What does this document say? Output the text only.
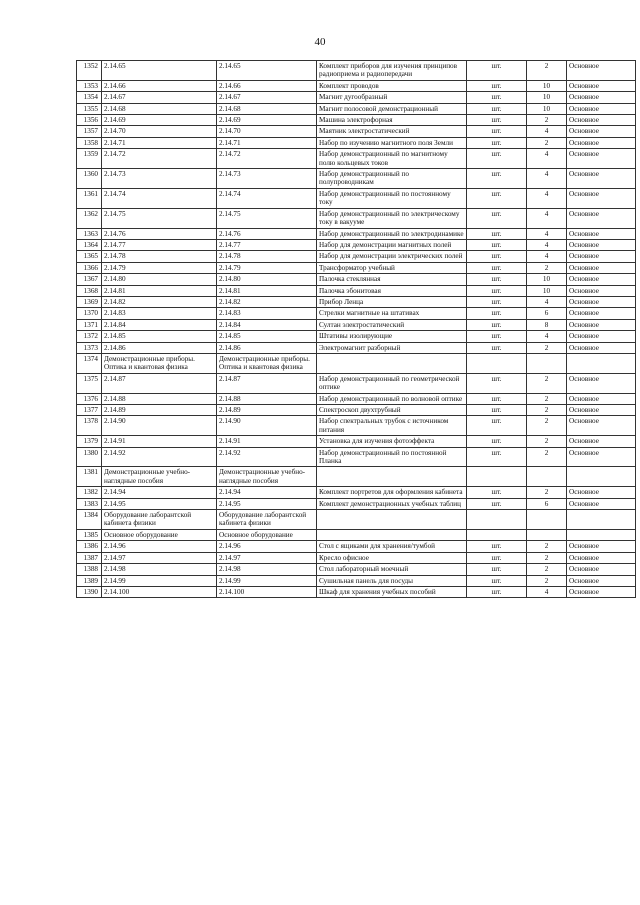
40
1352	2.14.65	2.14.65	Комплект приборов для изучения принципов радиоприема и радиопередачи	шт.	2	Основное
1353	2.14.66	2.14.66	Комплект проводов	шт.	10	Основное
1354	2.14.67	2.14.67	Магнит дугообразный	шт.	10	Основное
1355	2.14.68	2.14.68	Магнит полосовой демонстрационный	шт.	10	Основное
1356	2.14.69	2.14.69	Машина электрофорная	шт.	2	Основное
1357	2.14.70	2.14.70	Маятник электростатический	шт.	4	Основное
1358	2.14.71	2.14.71	Набор по изучению магнитного поля Земли	шт.	2	Основное
1359	2.14.72	2.14.72	Набор демонстрационный по магнитному полю кольцевых токов	шт.	4	Основное
1360	2.14.73	2.14.73	Набор демонстрационный по полупроводникам	шт.	4	Основное
1361	2.14.74	2.14.74	Набор демонстрационный по постоянному току	шт.	4	Основное
1362	2.14.75	2.14.75	Набор демонстрационный по электрическому току в вакууме	шт.	4	Основное
1363	2.14.76	2.14.76	Набор демонстрационный по электродинамике	шт.	4	Основное
1364	2.14.77	2.14.77	Набор для демонстрации магнитных полей	шт.	4	Основное
1365	2.14.78	2.14.78	Набор для демонстрации электрических полей	шт.	4	Основное
1366	2.14.79	2.14.79	Трансформатор учебный	шт.	2	Основное
1367	2.14.80	2.14.80	Палочка стеклянная	шт.	10	Основное
1368	2.14.81	2.14.81	Палочка эбонитовая	шт.	10	Основное
1369	2.14.82	2.14.82	Прибор Ленца	шт.	4	Основное
1370	2.14.83	2.14.83	Стрелки магнитные на штативах	шт.	6	Основное
1371	2.14.84	2.14.84	Султан электростатический	шт.	8	Основное
1372	2.14.85	2.14.85	Штативы изолирующие	шт.	4	Основное
1373	2.14.86	2.14.86	Электромагнит разборный	шт.	2	Основное
1374	Демонстрационные приборы. Оптика и квантовая физика	Демонстрационные приборы. Оптика и квантовая физика				
1375	2.14.87	2.14.87	Набор демонстрационный по геометрической оптике	шт.	2	Основное
1376	2.14.88	2.14.88	Набор демонстрационный по волновой оптике	шт.	2	Основное
1377	2.14.89	2.14.89	Спектроскоп двухтрубный	шт.	2	Основное
1378	2.14.90	2.14.90	Набор спектральных трубок с источником питания	шт.	2	Основное
1379	2.14.91	2.14.91	Установка для изучения фотоэффекта	шт.	2	Основное
1380	2.14.92	2.14.92	Набор демонстрационный по постоянной Планка	шт.	2	Основное
1381	Демонстрационные учебно-наглядные пособия	Демонстрационные учебно-наглядные пособия				
1382	2.14.94	2.14.94	Комплект портретов для оформления кабинета	шт.	2	Основное
1383	2.14.95	2.14.95	Комплект демонстрационных учебных таблиц	шт.	6	Основное
1384	Оборудование лаборантской кабинета физики	Оборудование лаборантской кабинета физики				
1385	Основное оборудование	Основное оборудование				
1386	2.14.96	2.14.96	Стол с ящиками для хранения/тумбой	шт.	2	Основное
1387	2.14.97	2.14.97	Кресло офисное	шт.	2	Основное
1388	2.14.98	2.14.98	Стол лабораторный моечный	шт.	2	Основное
1389	2.14.99	2.14.99	Сушильная панель для посуды	шт.	2	Основное
1390	2.14.100	2.14.100	Шкаф для хранения учебных пособий	шт.	4	Основное
